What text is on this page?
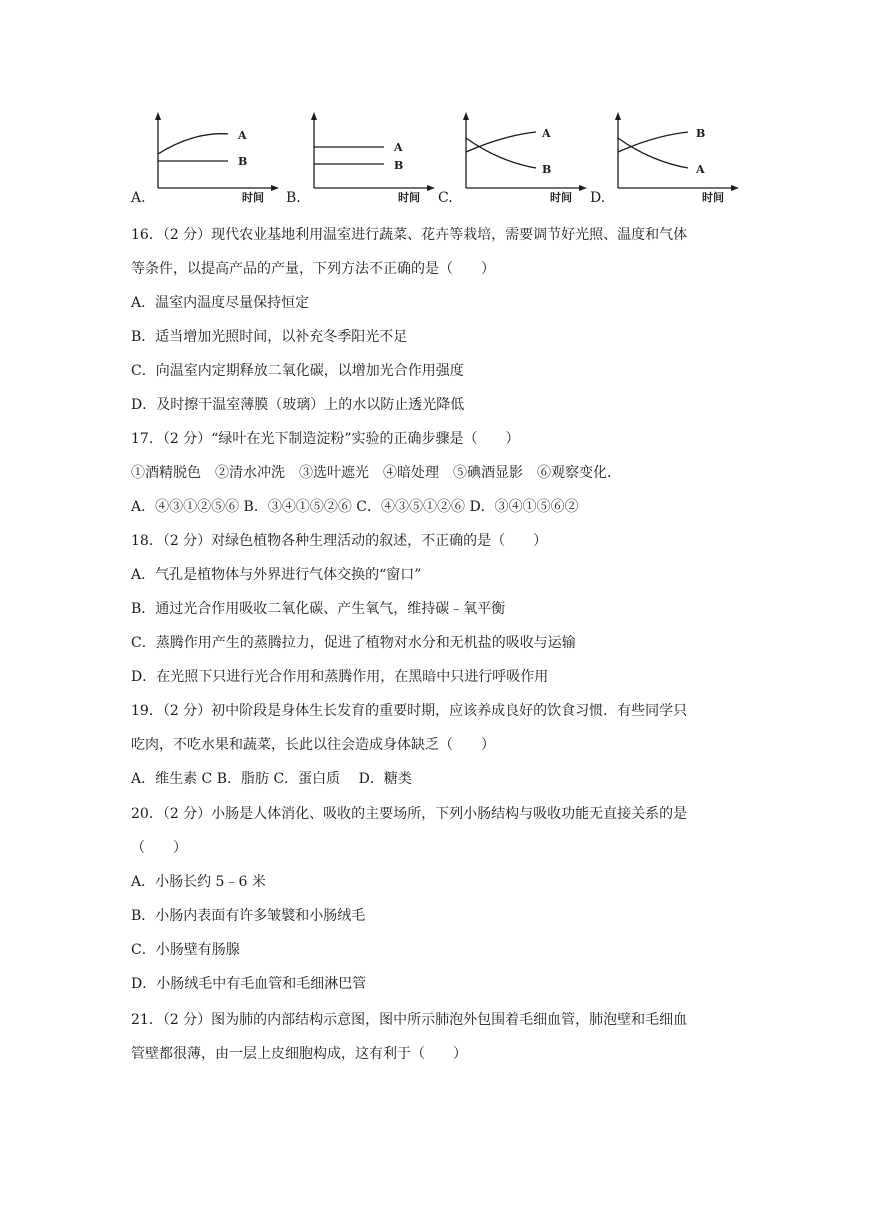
A.
A
B
时间 B.
A
B
时间 C.
A
B
时间 D.
B
A
时间
16．（2 分）现代农业基地利用温室进行蔬菜、花卉等栽培，需要调节好光照、温度和气体
等条件，以提高产品的产量，下列方法不正确的是（　　）
A．温室内温度尽量保持恒定
B．适当增加光照时间，以补充冬季阳光不足
C．向温室内定期释放二氧化碳，以增加光合作用强度
D．及时擦干温室薄膜（玻璃）上的水以防止透光降低
17．（2 分）“绿叶在光下制造淀粉”实验的正确步骤是（　　）
①酒精脱色　②清水冲洗　③选叶遮光　④暗处理　⑤碘酒显影　⑥观察变化．
A．④③①②⑤⑥ B．③④①⑤②⑥ C．④③⑤①②⑥ D．③④①⑤⑥②
18．（2 分）对绿色植物各种生理活动的叙述，不正确的是（　　）
A．气孔是植物体与外界进行气体交换的“窗口”
B．通过光合作用吸收二氧化碳、产生氧气，维持碳﹣氧平衡
C．蒸腾作用产生的蒸腾拉力，促进了植物对水分和无机盐的吸收与运输
D．在光照下只进行光合作用和蒸腾作用，在黑暗中只进行呼吸作用
19．（2 分）初中阶段是身体生长发育的重要时期，应该养成良好的饮食习惯．有些同学只
吃肉，不吃水果和蔬菜，长此以往会造成身体缺乏（　　）
A．维生素 C B．脂肪 C．蛋白质　 D．糖类
20．（2 分）小肠是人体消化、吸收的主要场所，下列小肠结构与吸收功能无直接关系的是
（　　）
A．小肠长约 5﹣6 米
B．小肠内表面有许多皱襞和小肠绒毛
C．小肠壁有肠腺
D．小肠绒毛中有毛血管和毛细淋巴管
21．（2 分）图为肺的内部结构示意图，图中所示肺泡外包围着毛细血管，肺泡壁和毛细血
管壁都很薄，由一层上皮细胞构成，这有利于（　　）
